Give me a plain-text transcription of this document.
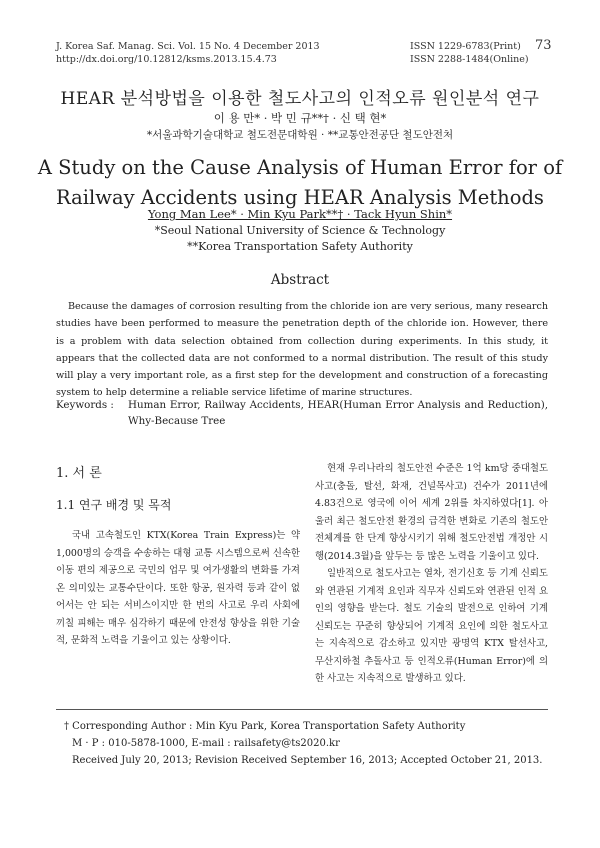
J. Korea Saf. Manag. Sci. Vol. 15 No. 4 December 2013
http://dx.doi.org/10.12812/ksms.2013.15.4.73
ISSN 1229-6783(Print)
ISSN 2288-1484(Online)
73
HEAR 분석방법을 이용한 철도사고의 인적오류 원인분석 연구
이 용 만* · 박 민 규**† · 신 택 현*
*서울과학기술대학교 철도전문대학원 · **교통안전공단 철도안전처
A Study on the Cause Analysis of Human Error for of
Railway Accidents using HEAR Analysis Methods
Yong Man Lee* · Min Kyu Park**† · Tack Hyun Shin*
*Seoul National University of Science & Technology
**Korea Transportation Safety Authority
Abstract
Because the damages of corrosion resulting from the chloride ion are very serious, many research studies have been performed to measure the penetration depth of the chloride ion. However, there is a problem with data selection obtained from collection during experiments. In this study, it appears that the collected data are not conformed to a normal distribution. The result of this study will play a very important role, as a first step for the development and construction of a forecasting system to help determine a reliable service lifetime of marine structures.
Keywords : Human Error, Railway Accidents, HEAR(Human Error Analysis and Reduction), Why-Because Tree
1. 서 론
1.1 연구 배경 및 목적
국내 고속철도인 KTX(Korea Train Express)는 약 1,000명의 승객을 수송하는 대형 교통 시스템으로써 신속한 이동 편의 제공으로 국민의 업무 및 여가생활의 변화를 가져온 의미있는 교통수단이다. 또한 항공, 원자력 등과 같이 없어서는 안 되는 서비스이지만 한 번의 사고로 우리 사회에 끼칠 피해는 매우 심각하기 때문에 안전성 향상을 위한 기술적, 문화적 노력을 기울이고 있는 상황이다.
현재 우리나라의 철도안전 수준은 1억 km당 중대철도사고(충돌, 탈선, 화재, 건널목사고) 건수가 2011년에 4.83건으로 영국에 이어 세계 2위를 차지하였다[1]. 아울러 최근 철도안전 환경의 급격한 변화로 기존의 철도안전체계를 한 단계 향상시키기 위해 철도안전법 개정안 시행(2014.3월)을 앞두는 등 많은 노력을 기울이고 있다.
일반적으로 철도사고는 열차, 전기신호 등 기계 신뢰도와 연관된 기계적 요인과 직무자 신뢰도와 연관된 인적 요인의 영향을 받는다. 철도 기술의 발전으로 인하여 기계 신뢰도는 꾸준히 향상되어 기계적 요인에 의한 철도사고는 지속적으로 감소하고 있지만 광명역 KTX 탈선사고, 무산지하철 추돌사고 등 인적오류(Human Error)에 의한 사고는 지속적으로 발생하고 있다.
† Corresponding Author : Min Kyu Park, Korea Transportation Safety Authority
M · P : 010-5878-1000, E-mail : railsafety@ts2020.kr
Received July 20, 2013; Revision Received September 16, 2013; Accepted October 21, 2013.
